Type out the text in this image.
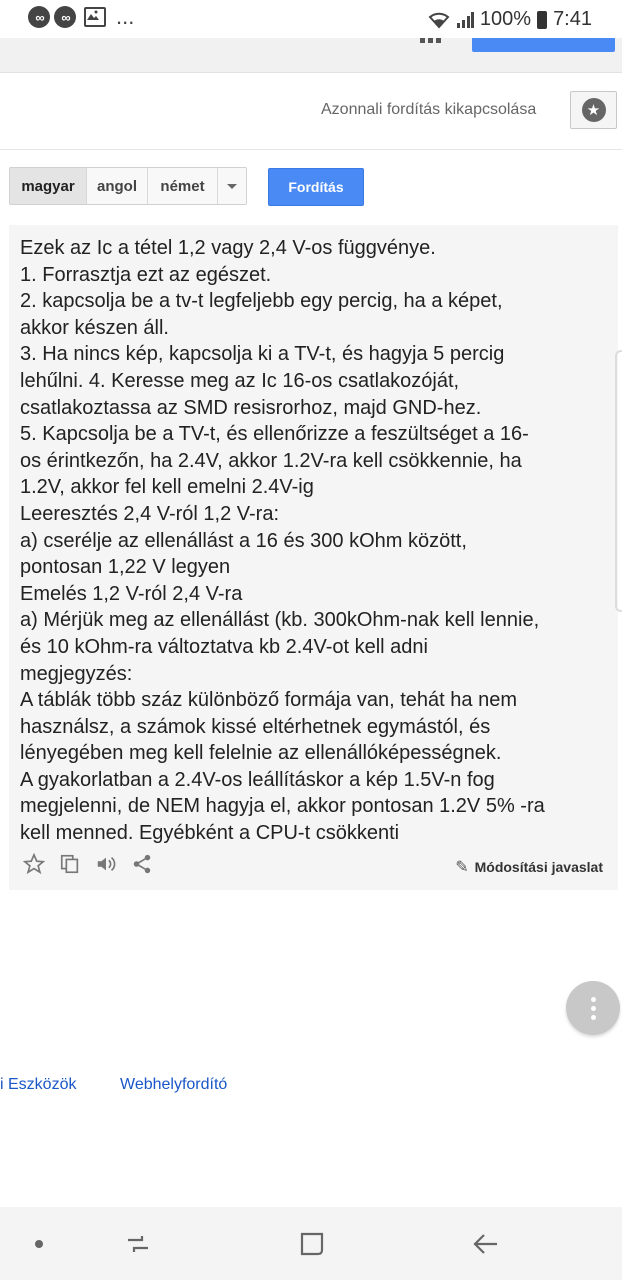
∞	∞	...	100% 7:41
Azonnali fordítás kikapcsolása	★
magyar	angol	német	Fordítás
Ezek az Ic a tétel 1,2 vagy 2,4 V-os függvénye.
1. Forrasztja ezt az egészet.
2. kapcsolja be a tv-t legfeljebb egy percig, ha a képet,
akkor készen áll.
3. Ha nincs kép, kapcsolja ki a TV-t, és hagyja 5 percig
lehűlni. 4. Keresse meg az Ic 16-os csatlakozóját,
csatlakoztassa az SMD resisrorhoz, majd GND-hez.
5. Kapcsolja be a TV-t, és ellenőrizze a feszültséget a 16-
os érintkezőn, ha 2.4V, akkor 1.2V-ra kell csökkennie, ha
1.2V, akkor fel kell emelni 2.4V-ig
Leeresztés 2,4 V-ról 1,2 V-ra:
a) cserélje az ellenállást a 16 és 300 kOhm között,
pontosan 1,22 V legyen
Emelés 1,2 V-ról 2,4 V-ra
a) Mérjük meg az ellenállást (kb. 300kOhm-nak kell lennie,
és 10 kOhm-ra változtatva kb 2.4V-ot kell adni
megjegyzés:
A táblák több száz különböző formája van, tehát ha nem
használsz, a számok kissé eltérhetnek egymástól, és
lényegében meg kell felelnie az ellenállóképességnek.
A gyakorlatban a 2.4V-os leállításkor a kép 1.5V-n fog
megjelenni, de NEM hagyja el, akkor pontosan 1.2V 5% -ra
kell menned. Egyébként a CPU-t csökkenti
✎ Módosítási javaslat
i Eszközök	Webhelyfordító
